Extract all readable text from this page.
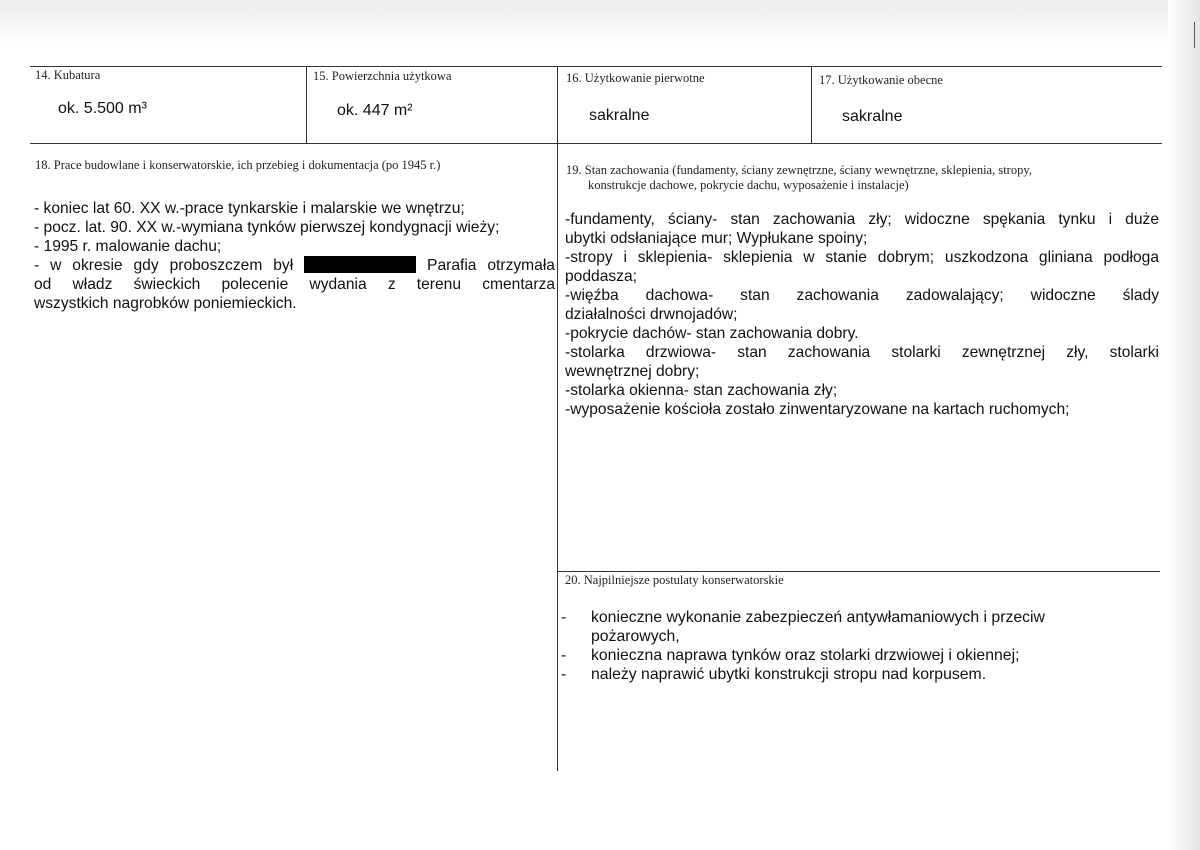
14. Kubatura
ok. 5.500 m³
15. Powierzchnia użytkowa
ok. 447 m²
16. Użytkowanie pierwotne
sakralne
17. Użytkowanie obecne
sakralne
18. Prace budowlane i konserwatorskie, ich przebieg i dokumentacja (po 1945 r.)
- koniec lat 60. XX w.-prace tynkarskie i malarskie we wnętrzu;
- pocz. lat. 90. XX w.-wymiana tynków pierwszej kondygnacji wieży;
- 1995 r. malowanie dachu;
- w okresie gdy proboszczem był	Parafia otrzymała
od władz świeckich polecenie wydania z terenu cmentarza
wszystkich nagrobków poniemieckich.
19. Stan zachowania (fundamenty, ściany zewnętrzne, ściany wewnętrzne, sklepienia, stropy,
konstrukcje dachowe, pokrycie dachu, wyposażenie i instalacje)
-fundamenty, ściany- stan zachowania zły; widoczne spękania tynku i duże
ubytki odsłaniające mur; Wypłukane spoiny;
-stropy i sklepienia- sklepienia w stanie dobrym; uszkodzona gliniana podłoga
poddasza;
-więźba dachowa- stan zachowania zadowalający; widoczne ślady
działalności drwnojadów;
-pokrycie dachów- stan zachowania dobry.
-stolarka drzwiowa- stan zachowania stolarki zewnętrznej zły, stolarki
wewnętrznej dobry;
-stolarka okienna- stan zachowania zły;
-wyposażenie kościoła zostało zinwentaryzowane na kartach ruchomych;
20. Najpilniejsze postulaty konserwatorskie
- konieczne wykonanie zabezpieczeń antywłamaniowych i przeciw
pożarowych,
- konieczna naprawa tynków oraz stolarki drzwiowej i okiennej;
- należy naprawić ubytki konstrukcji stropu nad korpusem.
